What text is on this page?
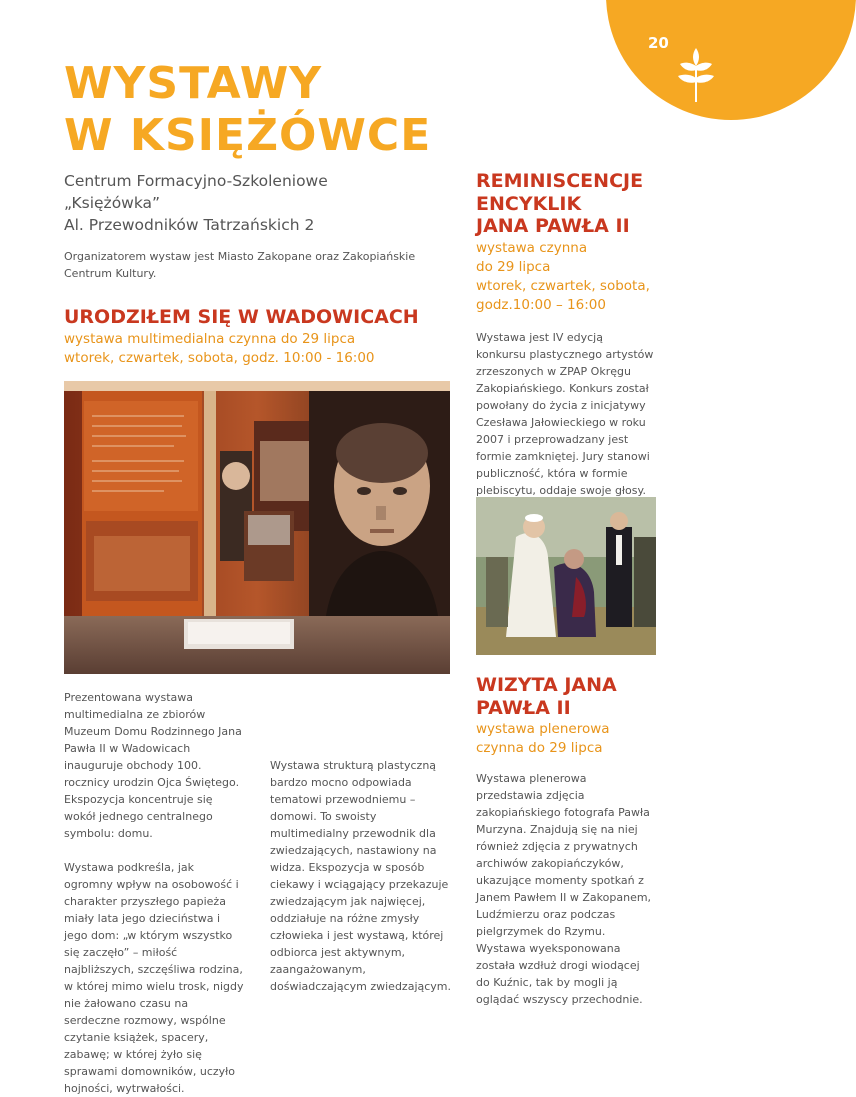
20
WYSTAWY
W KSIĘŻÓWCE
Centrum Formacyjno-Szkoleniowe
„Księżówka”
Al. Przewodników Tatrzańskich 2
Organizatorem wystaw jest Miasto Zakopane oraz Zakopiańskie Centrum Kultury.
URODZIŁEM SIĘ W WADOWICACH
wystawa multimedialna czynna do 29 lipca
wtorek, czwartek, sobota, godz. 10:00 - 16:00

Prezentowana wystawa multimedialna ze zbiorów Muzeum Domu Rodzinnego Jana Pawła II w Wadowicach inauguruje obchody 100. rocznicy urodzin Ojca Świętego. Ekspozycja koncentruje się wokół jednego centralnego symbolu: domu.

Wystawa podkreśla, jak ogromny wpływ na osobowość i charakter przyszłego papieża miały lata jego dzieciństwa i jego dom: „w którym wszystko się zaczęło” – miłość najbliższych, szczęśliwa rodzina, w której mimo wielu trosk, nigdy nie żałowano czasu na serdeczne rozmowy, wspólne czytanie książek, spacery, zabawę; w której żyło się sprawami domowników, uczyło hojności, wytrwałości.

Wystawa strukturą plastyczną bardzo mocno odpowiada tematowi przewodniemu – domowi. To swoisty multimedialny przewodnik dla zwiedzających, nastawiony na widza. Ekspozycja w sposób ciekawy i wciągający przekazuje zwiedzającym jak najwięcej, oddziałuje na różne zmysły człowieka i jest wystawą, której odbiorca jest aktywnym, zaangażowanym, doświadczającym zwiedzającym.

REMINISCENCJE
ENCYKLIK
JANA PAWŁA II
wystawa czynna
do 29 lipca
wtorek, czwartek, sobota,
godz.10:00 – 16:00
Wystawa jest IV edycją konkursu plastycznego artystów zrzeszonych w ZPAP Okręgu Zakopiańskiego. Konkurs został powołany do życia z inicjatywy Czesława Jałowieckiego w roku 2007 i przeprowadzany jest formie zamkniętej. Jury stanowi publiczność, która w formie plebiscytu, oddaje swoje głosy.
WIZYTA JANA
PAWŁA II
wystawa plenerowa
czynna do 29 lipca
Wystawa plenerowa przedstawia zdjęcia zakopiańskiego fotografa Pawła Murzyna. Znajdują się na niej również zdjęcia z prywatnych archiwów zakopiańczyków, ukazujące momenty spotkań z Janem Pawłem II w Zakopanem, Ludźmierzu oraz podczas pielgrzymek do Rzymu. Wystawa wyeksponowana została wzdłuż drogi wiodącej do Kuźnic, tak by mogli ją oglądać wszyscy przechodnie.
